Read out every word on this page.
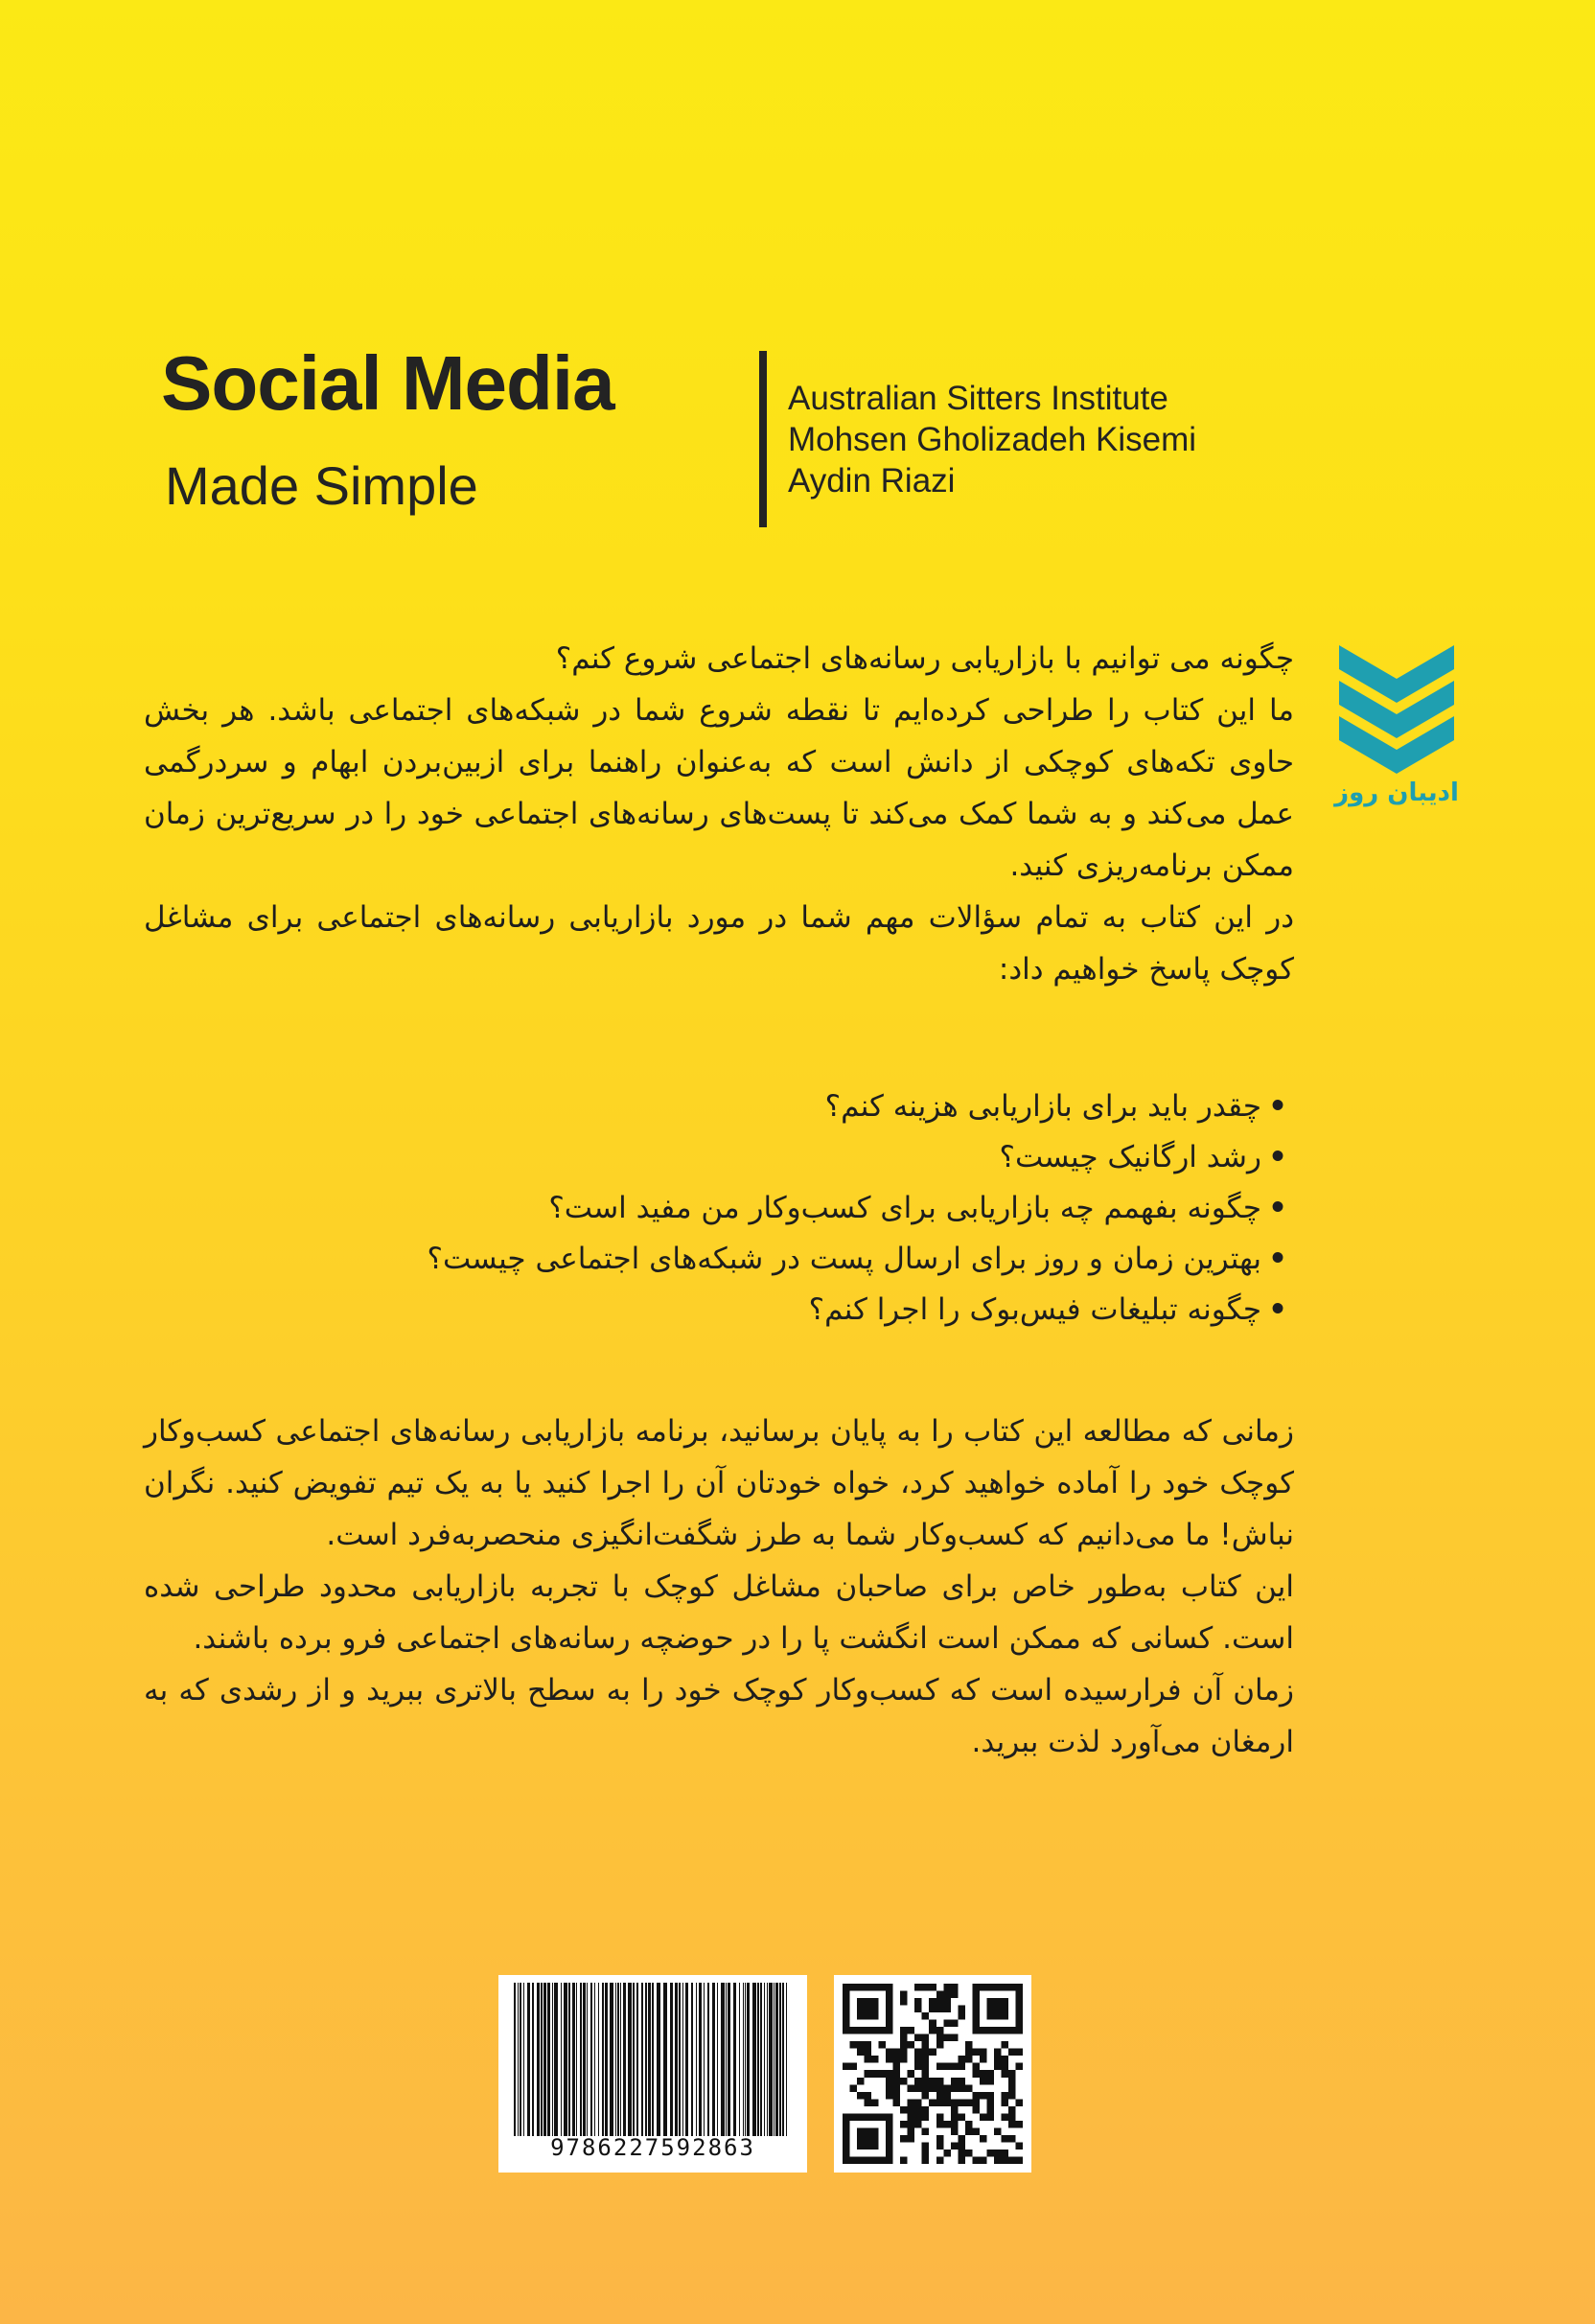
Social Media
Made Simple
Australian Sitters Institute
Mohsen Gholizadeh Kisemi
Aydin Riazi
ادیبان روز

چگونه می توانیم با بازاریابی رسانه‌های اجتماعی شروع کنم؟

ما این کتاب را طراحی کرده‌ایم تا نقطه شروع شما در شبکه‌های اجتماعی باشد. هر بخش حاوی تکه‌های کوچکی از دانش است که به‌عنوان راهنما برای ازبین‌بردن ابهام و سردرگمی عمل می‌کند و به شما کمک می‌کند تا پست‌های رسانه‌های اجتماعی خود را در سریع‌ترین زمان ممکن برنامه‌ریزی کنید.

در این کتاب به تمام سؤالات مهم شما در مورد بازاریابی رسانه‌های اجتماعی برای مشاغل کوچک پاسخ خواهیم داد:

•چقدر باید برای بازاریابی هزینه کنم؟
•رشد ارگانیک چیست؟
•چگونه بفهمم چه بازاریابی برای کسب‌وکار من مفید است؟
•بهترین زمان و روز برای ارسال پست در شبکه‌های اجتماعی چیست؟
•چگونه تبلیغات فیس‌بوک را اجرا کنم؟

زمانی که مطالعه این کتاب را به پایان برسانید، برنامه بازاریابی رسانه‌های اجتماعی کسب‌وکار کوچک خود را آماده خواهید کرد، خواه خودتان آن را اجرا کنید یا به یک تیم تفویض کنید. نگران نباش! ما می‌دانیم که کسب‌وکار شما به طرز شگفت‌انگیزی منحصربه‌فرد است.

این کتاب به‌طور خاص برای صاحبان مشاغل کوچک با تجربه بازاریابی محدود طراحی شده است. کسانی که ممکن است انگشت پا را در حوضچه رسانه‌های اجتماعی فرو برده باشند.

زمان آن فرارسیده است که کسب‌وکار کوچک خود را به سطح بالاتری ببرید و از رشدی که به ارمغان می‌آورد لذت ببرید.

9786227592863
